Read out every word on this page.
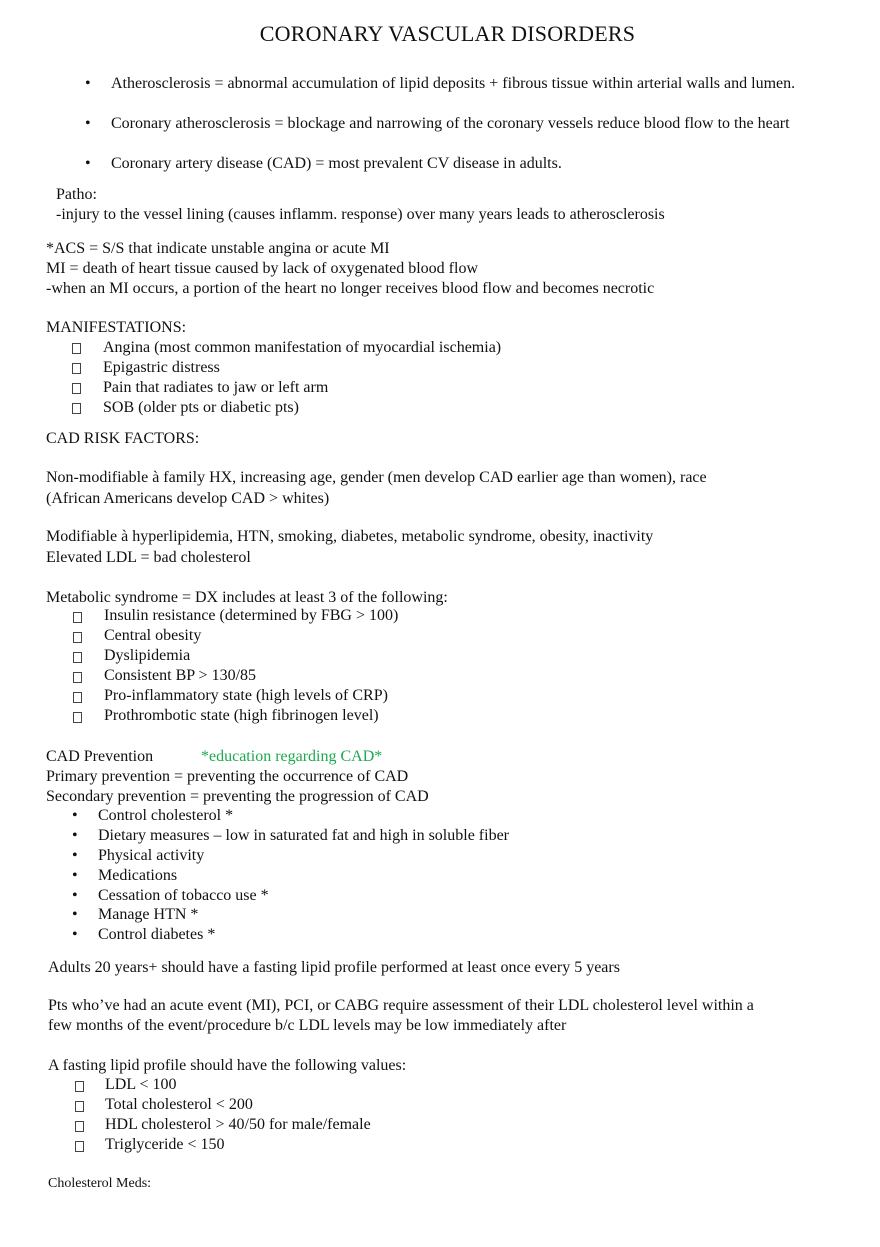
CORONARY VASCULAR DISORDERS
• Atherosclerosis = abnormal accumulation of lipid deposits + fibrous tissue within arterial walls and lumen.
• Coronary atherosclerosis = blockage and narrowing of the coronary vessels reduce blood flow to the heart
• Coronary artery disease (CAD) = most prevalent CV disease in adults.
Patho:
-injury to the vessel lining (causes inflamm. response) over many years leads to atherosclerosis
*ACS = S/S that indicate unstable angina or acute MI
MI = death of heart tissue caused by lack of oxygenated blood flow
-when an MI occurs, a portion of the heart no longer receives blood flow and becomes necrotic
MANIFESTATIONS:
Angina (most common manifestation of myocardial ischemia)
Epigastric distress
Pain that radiates to jaw or left arm
SOB (older pts or diabetic pts)
CAD RISK FACTORS:
Non-modifiable à family HX, increasing age, gender (men develop CAD earlier age than women), race
(African Americans develop CAD > whites)
Modifiable à hyperlipidemia, HTN, smoking, diabetes, metabolic syndrome, obesity, inactivity
Elevated LDL = bad cholesterol
Metabolic syndrome = DX includes at least 3 of the following:
Insulin resistance (determined by FBG > 100)
Central obesity
Dyslipidemia
Consistent BP > 130/85
Pro-inflammatory state (high levels of CRP)
Prothrombotic state (high fibrinogen level)
CAD Prevention	*education regarding CAD*
Primary prevention = preventing the occurrence of CAD
Secondary prevention = preventing the progression of CAD
• Control cholesterol *
• Dietary measures – low in saturated fat and high in soluble fiber
• Physical activity
• Medications
• Cessation of tobacco use *
• Manage HTN *
• Control diabetes *
Adults 20 years+ should have a fasting lipid profile performed at least once every 5 years
Pts who’ve had an acute event (MI), PCI, or CABG require assessment of their LDL cholesterol level within a
few months of the event/procedure b/c LDL levels may be low immediately after
A fasting lipid profile should have the following values:
LDL < 100
Total cholesterol < 200
HDL cholesterol > 40/50 for male/female
Triglyceride < 150
Cholesterol Meds:
